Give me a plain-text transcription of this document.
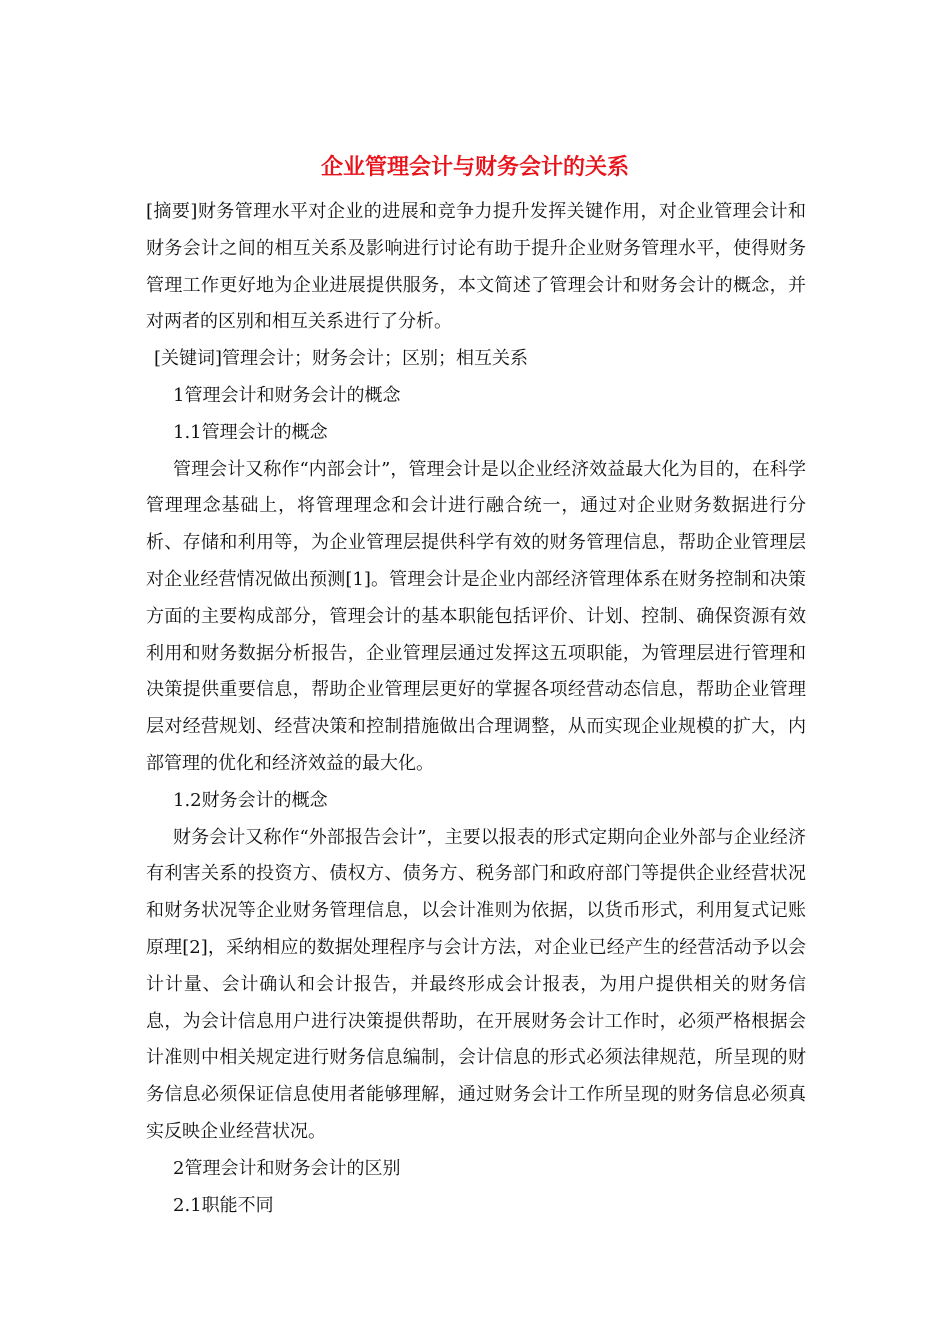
企业管理会计与财务会计的关系

[摘要]财务管理水平对企业的进展和竞争力提升发挥关键作用，对企业管理会计和财务会计之间的相互关系及影响进行讨论有助于提升企业财务管理水平，使得财务管理工作更好地为企业进展提供服务，本文简述了管理会计和财务会计的概念，并对两者的区别和相互关系进行了分析。

[关键词]管理会计；财务会计；区别；相互关系

1管理会计和财务会计的概念

1.1管理会计的概念

管理会计又称作“内部会计”，管理会计是以企业经济效益最大化为目的，在科学管理理念基础上，将管理理念和会计进行融合统一，通过对企业财务数据进行分析、存储和利用等，为企业管理层提供科学有效的财务管理信息，帮助企业管理层对企业经营情况做出预测[1]。管理会计是企业内部经济管理体系在财务控制和决策方面的主要构成部分，管理会计的基本职能包括评价、计划、控制、确保资源有效利用和财务数据分析报告，企业管理层通过发挥这五项职能，为管理层进行管理和决策提供重要信息，帮助企业管理层更好的掌握各项经营动态信息，帮助企业管理层对经营规划、经营决策和控制措施做出合理调整，从而实现企业规模的扩大，内部管理的优化和经济效益的最大化。

1.2财务会计的概念

财务会计又称作“外部报告会计”，主要以报表的形式定期向企业外部与企业经济有利害关系的投资方、债权方、债务方、税务部门和政府部门等提供企业经营状况和财务状况等企业财务管理信息，以会计准则为依据，以货币形式，利用复式记账原理[2]，采纳相应的数据处理程序与会计方法，对企业已经产生的经营活动予以会计计量、会计确认和会计报告，并最终形成会计报表，为用户提供相关的财务信息，为会计信息用户进行决策提供帮助，在开展财务会计工作时，必须严格根据会计准则中相关规定进行财务信息编制，会计信息的形式必须法律规范，所呈现的财务信息必须保证信息使用者能够理解，通过财务会计工作所呈现的财务信息必须真实反映企业经营状况。

2管理会计和财务会计的区别

2.1职能不同
